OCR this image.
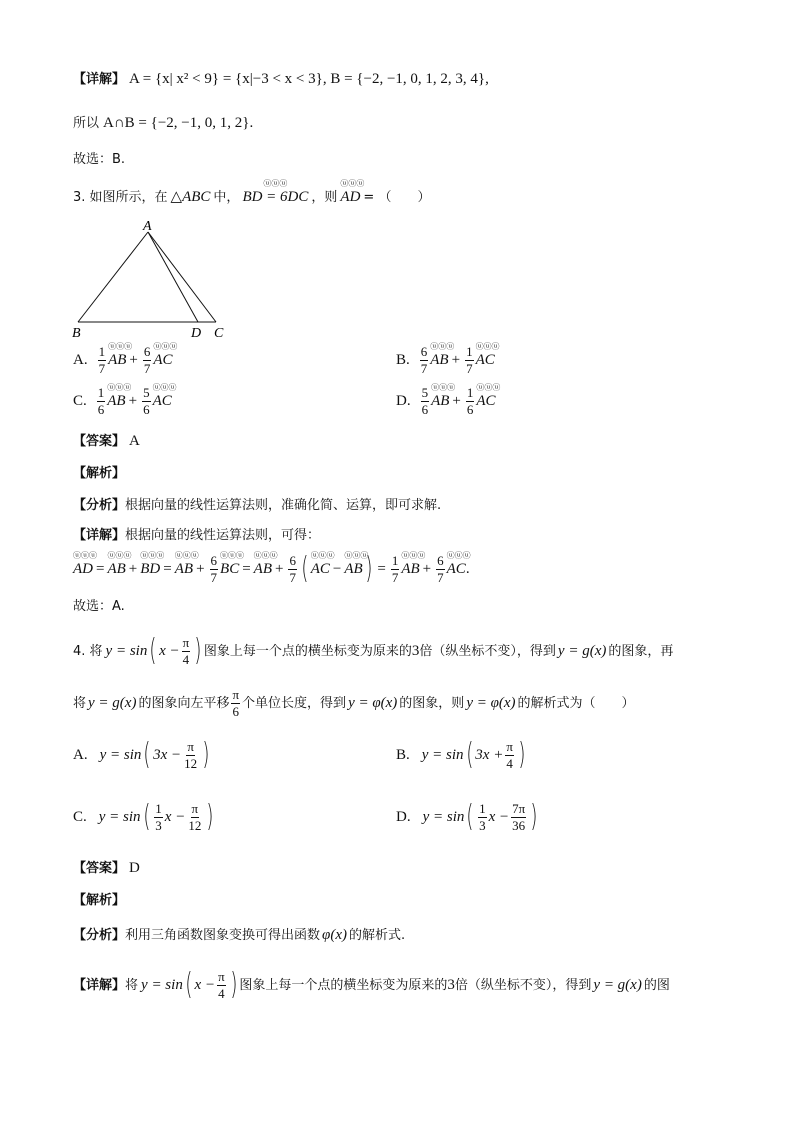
【详解】 A = {x| x² < 9} = {x|−3 < x < 3}, B = {−2, −1, 0, 1, 2, 3, 4},
所以 A∩B = {−2, −1, 0, 1, 2}.
故选：B.
3. 如图所示，在 △ABC 中，
ⓤⓤⓤ
BD = 6DC ，则
ⓤⓤⓤ
AD = （　　）
A
B	D C
A. $\frac{1}{7}$ ⓤⓤⓤ
AB + $\frac{6}{7}$ ⓤⓤⓤ
AC	B. $\frac{6}{7}$ ⓤⓤⓤ
AB + $\frac{1}{7}$ ⓤⓤⓤ
AC
C. $\frac{1}{6}$ ⓤⓤⓤ
AB + $\frac{5}{6}$ ⓤⓤⓤ
AC	D. $\frac{5}{6}$ ⓤⓤⓤ
AB + $\frac{1}{6}$ ⓤⓤⓤ
AC
【答案】 A
【解析】
【分析】 根据向量的线性运算法则，准确化简、运算，即可求解.
【详解】 根据向量的线性运算法则，可得：
ⓤⓤⓤ
AD =
ⓤⓤⓤ
AB +
ⓤⓤⓤ
BD =
ⓤⓤⓤ
AB + $\frac{6}{7}$ ⓤⓤⓤ
BC =
ⓤⓤⓤ
AB + $\frac{6}{7}$ ( ⓤⓤⓤ
AC −
ⓤⓤⓤ
AB ) = $\frac{1}{7}$ ⓤⓤⓤ
AB + $\frac{6}{7}$ ⓤⓤⓤ
AC .
故选：A.
4. 将 y = sin ( $x - \frac{\pi}{4}$ ) 图象上每一个点的横坐标变为原来的 3 倍（纵坐标不变），得到 y = g(x) 的图象，再
将 y = g(x) 的图象向左平移 $\frac{\pi}{6}$ 个单位长度，得到 y = φ(x) 的图象，则 y = φ(x) 的解析式为（　　）
A. y = sin ( $3x - \frac{\pi}{12}$ )	B. y = sin ( $3x + \frac{\pi}{4}$ )
C. y = sin ( $\frac{1}{3}$ $x - \frac{\pi}{12}$ )	D. y = sin ( $\frac{1}{3}$ $x - \frac{7\pi}{36}$ )
【答案】 D
【解析】
【分析】 利用三角函数图象变换可得出函数 φ(x) 的解析式.
【详解】 将 y = sin ( $x - \frac{\pi}{4}$ ) 图象上每一个点的横坐标变为原来的 3 倍（纵坐标不变），得到 y = g(x) 的图
